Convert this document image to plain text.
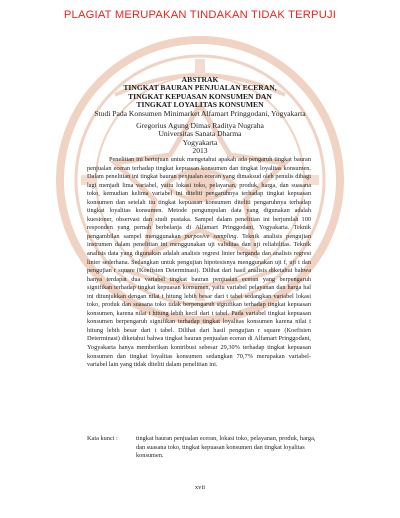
PLAGIAT MERUPAKAN TINDAKAN TIDAK TERPUJI
ABSTRAK
TINGKAT BAURAN PENJUALAN ECERAN,
TINGKAT KEPUASAN KONSUMEN DAN
TINGKAT LOYALITAS KONSUMEN
Studi Pada Konsumen Minimarket Alfamart Pringgodani, Yogyakarta
Gregorius Agung Dimas Raditya Nugraha
Universitas Sanata Dharma
Yogyakarta
2013

Penelitian ini bertujuan untuk mengetahui apakah ada pengaruh tingkat bauran penjualan eceran terhadap tingkat kepuasan konsumen dan tingkat loyalitas konsumen. Dalam penelitian ini tingkat bauran penjualan eceran yang dimaksud oleh penulis dibagi lagi menjadi lima variabel, yaitu lokasi toko, pelayanan, produk, harga, dan suasana toko, kemudian kelima variabel ini diteliti pengaruhnya terhadap tingkat kepuasan konsumen dan setelah itu tingkat kepuasan konsumen diteliti pengaruhnya terhadap tingkat loyalitas konsumen. Metode pengumpulan data yang digunakan adalah kuesioner, observasi dan studi pustaka. Sampel dalam penelitian ini berjumlah 100 responden yang pernah berbelanja di Alfamart Pringgodani, Yogyakarta. Teknik pengambilan sampel menggunakan purposive sampling. Teknik analisis pengujian instrumen dalam penelitian ini menggunakan uji validitas dan uji reliabilitas. Teknik analisis data yang digunakan adalah analisis regresi linier berganda dan analisis regresi linier sederhana. Sedangkan untuk pengujian hipotesisnya menggunakan uji f, uji t dan pengujian r square (Koefisien Determinasi). Dilihat dari hasil analisis diketahui bahwa hanya terdapat dua variabel tingkat bauran penjualan eceran yang berpengaruh signifikan terhadap tingkat kepuasan konsumen, yaitu variabel pelayanan dan harga hal ini ditunjukkan dengan nilai t hitung lebih besar dari t tabel sedangkan variabel lokasi toko, produk dan suasana toko tidak berpengaruh signifikan terhadap tingkat kepuasan konsumen, karena nilai t hitung lebih kecil dari t tabel. Pada variabel tingkat kepuasan konsumen berpengaruh signifikan terhadap tingkat loyalitas konsumen karena nilai t hitung lebih besar dari t tabel. Dilihat dari hasil pengujian r square (Koefisien Determinasi) diketahui bahwa tingkat bauran penjualan eceran di Alfamart Pringgodani, Yogyakarta hanya memberikan kontribusi sebesar 29,30% terhadap tingkat kepuasan konsumen dan tingkat loyalitas konsumen sedangkan 70,7% merupakan variabel-variabel lain yang tidak diteliti dalam penelitian ini.

Kata kunci :	tingkat bauran penjualan eceran, lokasi toko, pelayanan, produk, harga, dan suasana toko, tingkat kepuasan konsumen dan tingkat loyalitas konsumen.
xvii
